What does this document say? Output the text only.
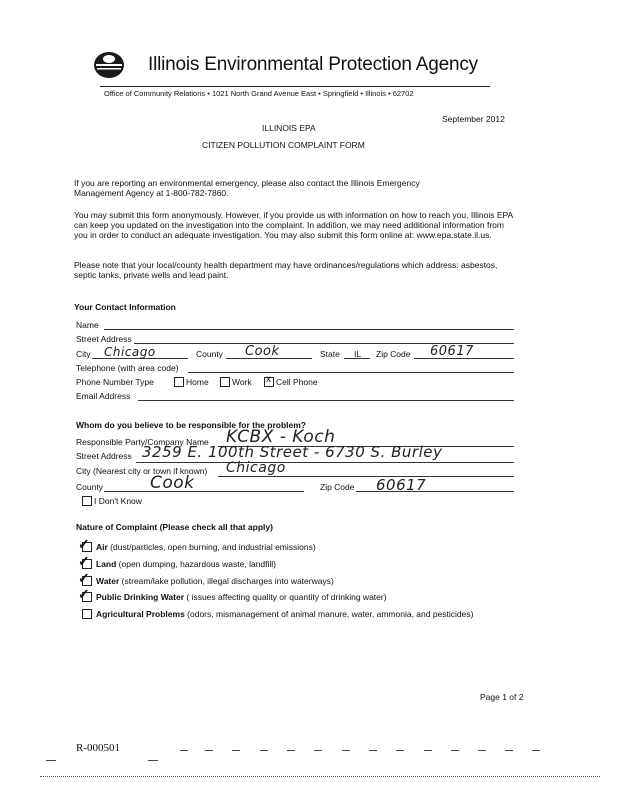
Illinois Environmental Protection Agency
Office of Community Relations • 1021 North Grand Avenue East • Springfield • Illinois • 62702
September 2012
ILLINOIS EPA
CITIZEN POLLUTION COMPLAINT FORM
If you are reporting an environmental emergency, please also contact the Illinois Emergency Management Agency at 1-800-782-7860.
You may submit this form anonymously. However, if you provide us with information on how to reach you, Illinois EPA can keep you updated on the investigation into the complaint. In addition, we may need additional information from you in order to conduct an adequate investigation. You may also submit this form online at: www.epa.state.il.us.
Please note that your local/county health department may have ordinances/regulations which address: asbestos, septic tanks, private wells and lead paint.
Your Contact Information
Name
Street Address
City Chicago	County Cook	State IL Zip Code 60617
Telephone (with area code)
Phone Number Type	Home	Work x Cell Phone
Email Address
Whom do you believe to be responsible for the problem?
Responsible Party/Company Name KCBX - Koch
Street Address 3259 E. 100th Street - 6730 S. Burley
City (Nearest city or town if known) Chicago
County	Cook	Zip Code 60617
I Don't Know
Nature of Complaint (Please check all that apply)
✓ Air (dust/particles, open burning, and industrial emissions)
✓ Land (open dumping, hazardous waste, landfill)
✓ Water (stream/lake pollution, illegal discharges into waterways)
✓ Public Drinking Water ( issues affecting quality or quantity of drinking water)
Agricultural Problems (odors, mismanagement of animal manure, water, ammonia, and pesticides)
Page 1 of 2
R-000501
